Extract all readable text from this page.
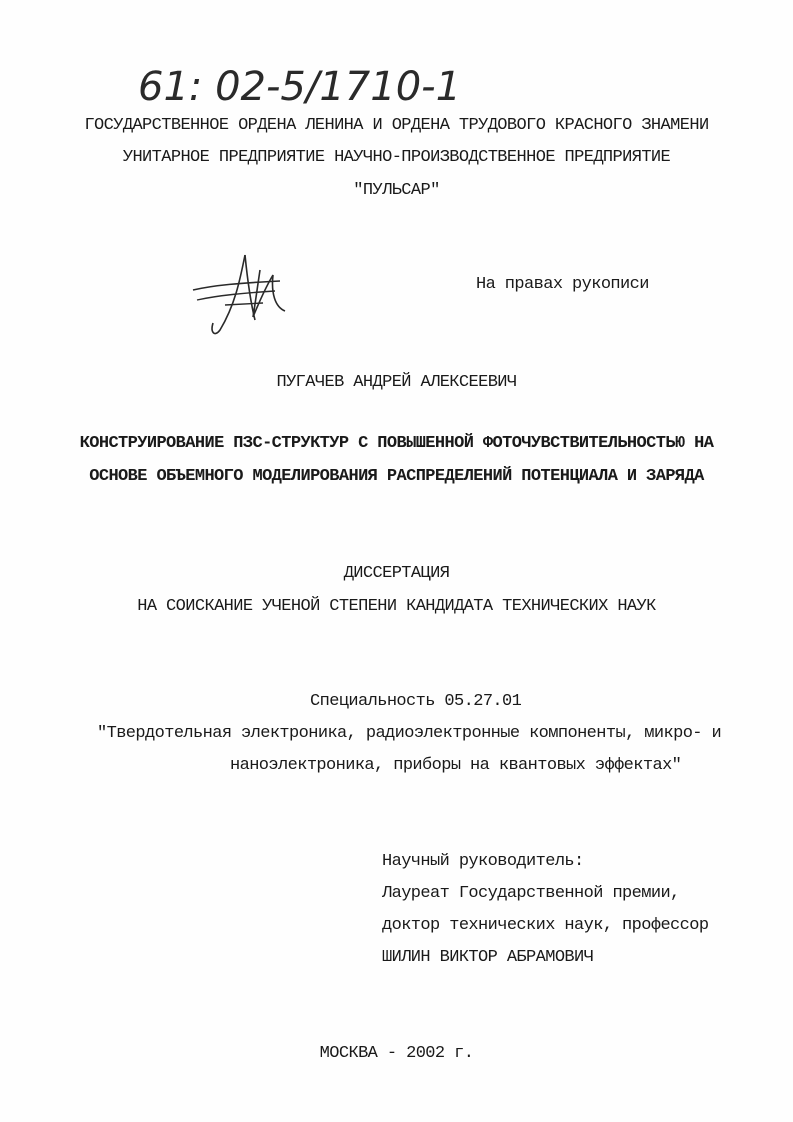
61: 02-5/1710-1
ГОСУДАРСТВЕННОЕ ОРДЕНА ЛЕНИНА И ОРДЕНА ТРУДОВОГО КРАСНОГО ЗНАМЕНИ
УНИТАРНОЕ ПРЕДПРИЯТИЕ НАУЧНО-ПРОИЗВОДСТВЕННОЕ ПРЕДПРИЯТИЕ
"ПУЛЬСАР"
На правах рукописи
ПУГАЧЕВ АНДРЕЙ АЛЕКСЕЕВИЧ
КОНСТРУИРОВАНИЕ ПЗС-СТРУКТУР С ПОВЫШЕННОЙ ФОТОЧУВСТВИТЕЛЬНОСТЬЮ НА
ОСНОВЕ ОБЪЕМНОГО МОДЕЛИРОВАНИЯ РАСПРЕДЕЛЕНИЙ ПОТЕНЦИАЛА И ЗАРЯДА
ДИССЕРТАЦИЯ
НА СОИСКАНИЕ УЧЕНОЙ СТЕПЕНИ КАНДИДАТА ТЕХНИЧЕСКИХ НАУК
Специальность 05.27.01
"Твердотельная электроника, радиоэлектронные компоненты, микро- и
наноэлектроника, приборы на квантовых эффектах"
Научный руководитель:
Лауреат Государственной премии,
доктор технических наук, профессор
ШИЛИН ВИКТОР АБРАМОВИЧ
МОСКВА - 2002 г.
